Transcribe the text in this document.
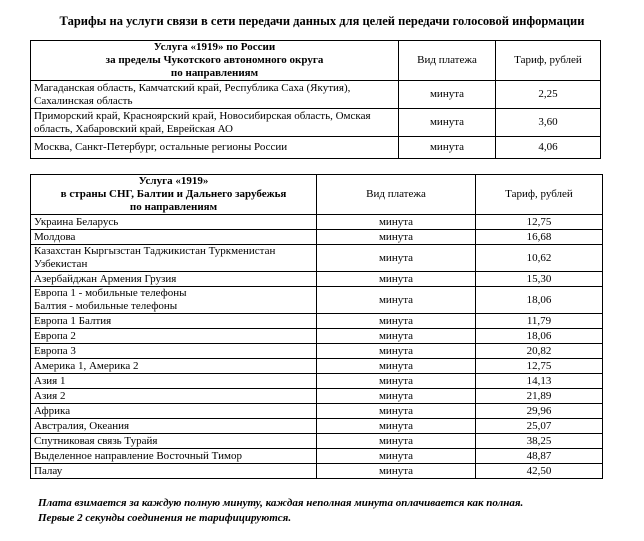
Тарифы на услуги связи в сети передачи данных для целей передачи голосовой информации
Услуга «1919» по России
за пределы Чукотского автономного округа
по направлениям	Вид платежа	Тариф, рублей
Магаданская область, Камчатский край, Республика Саха (Якутия), Сахалинская область	минута	2,25
Приморский край, Красноярский край, Новосибирская область, Омская область, Хабаровский край, Еврейская АО	минута	3,60
Москва, Санкт-Петербург, остальные регионы России	минута	4,06
Услуга «1919»
в страны СНГ, Балтии и Дальнего зарубежья
по направлениям	Вид платежа	Тариф, рублей
Украина Беларусь	минута	12,75
Молдова	минута	16,68
Казахстан Кыргызстан Таджикистан Туркменистан Узбекистан	минута	10,62
Азербайджан Армения Грузия	минута	15,30
Европа 1 - мобильные телефоны
Балтия - мобильные телефоны	минута	18,06
Европа 1 Балтия	минута	11,79
Европа 2	минута	18,06
Европа 3	минута	20,82
Америка 1, Америка 2	минута	12,75
Азия 1	минута	14,13
Азия 2	минута	21,89
Африка	минута	29,96
Австралия, Океания	минута	25,07
Спутниковая связь Турайя	минута	38,25
Выделенное направление Восточный Тимор	минута	48,87
Палау	минута	42,50
Плата взимается за каждую полную минуту, каждая неполная минута оплачивается как полная.
Первые 2 секунды соединения не тарифицируются.
